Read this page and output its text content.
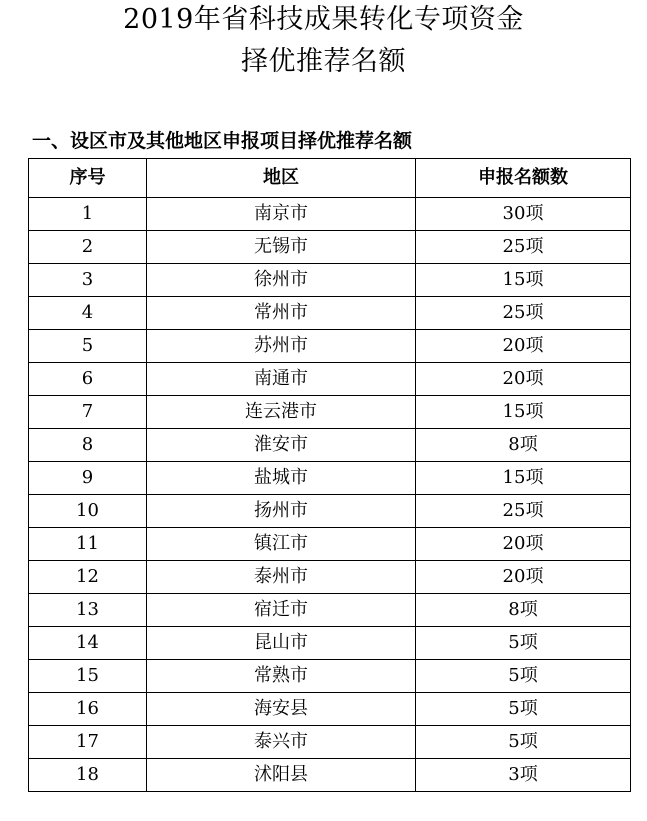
2019年省科技成果转化专项资金
择优推荐名额
一、设区市及其他地区申报项目择优推荐名额
序号	地区	申报名额数
1	南京市	30项
2	无锡市	25项
3	徐州市	15项
4	常州市	25项
5	苏州市	20项
6	南通市	20项
7	连云港市	15项
8	淮安市	8项
9	盐城市	15项
10	扬州市	25项
11	镇江市	20项
12	泰州市	20项
13	宿迁市	8项
14	昆山市	5项
15	常熟市	5项
16	海安县	5项
17	泰兴市	5项
18	沭阳县	3项
